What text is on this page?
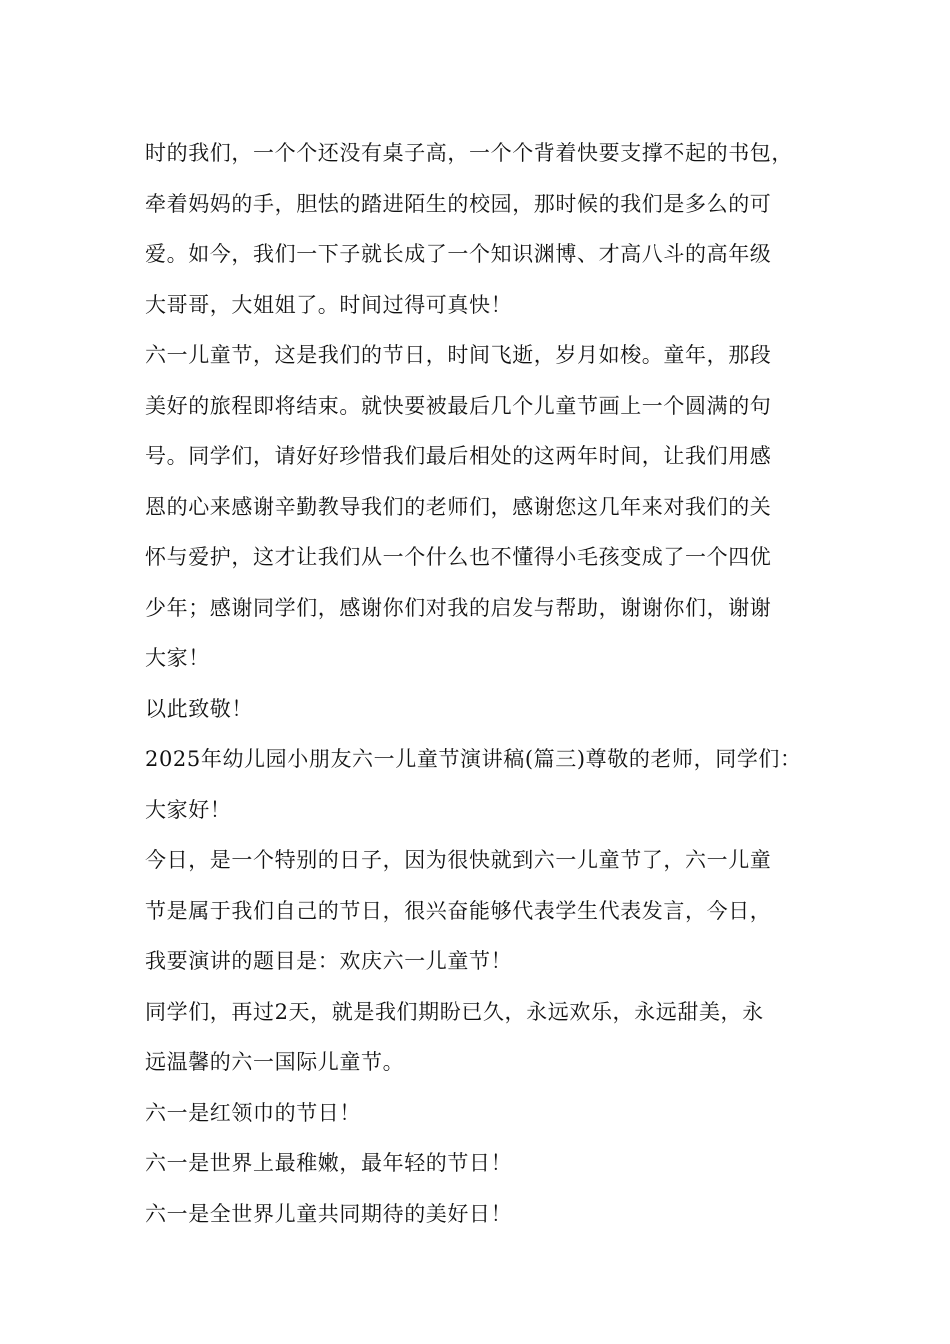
时的我们，一个个还没有桌子高，一个个背着快要支撑不起的书包，
牵着妈妈的手，胆怯的踏进陌生的校园，那时候的我们是多么的可
爱。如今，我们一下子就长成了一个知识渊博、才高八斗的高年级
大哥哥，大姐姐了。时间过得可真快！
六一儿童节，这是我们的节日，时间飞逝，岁月如梭。童年，那段
美好的旅程即将结束。就快要被最后几个儿童节画上一个圆满的句
号。同学们，请好好珍惜我们最后相处的这两年时间，让我们用感
恩的心来感谢辛勤教导我们的老师们，感谢您这几年来对我们的关
怀与爱护，这才让我们从一个什么也不懂得小毛孩变成了一个四优
少年；感谢同学们，感谢你们对我的启发与帮助，谢谢你们，谢谢
大家！
以此致敬！
2025年幼儿园小朋友六一儿童节演讲稿(篇三)尊敬的老师，同学们：
大家好！
今日，是一个特别的日子，因为很快就到六一儿童节了，六一儿童
节是属于我们自己的节日，很兴奋能够代表学生代表发言，今日，
我要演讲的题目是：欢庆六一儿童节！
同学们，再过2天，就是我们期盼已久，永远欢乐，永远甜美，永
远温馨的六一国际儿童节。
六一是红领巾的节日！
六一是世界上最稚嫩，最年轻的节日！
六一是全世界儿童共同期待的美好日！
